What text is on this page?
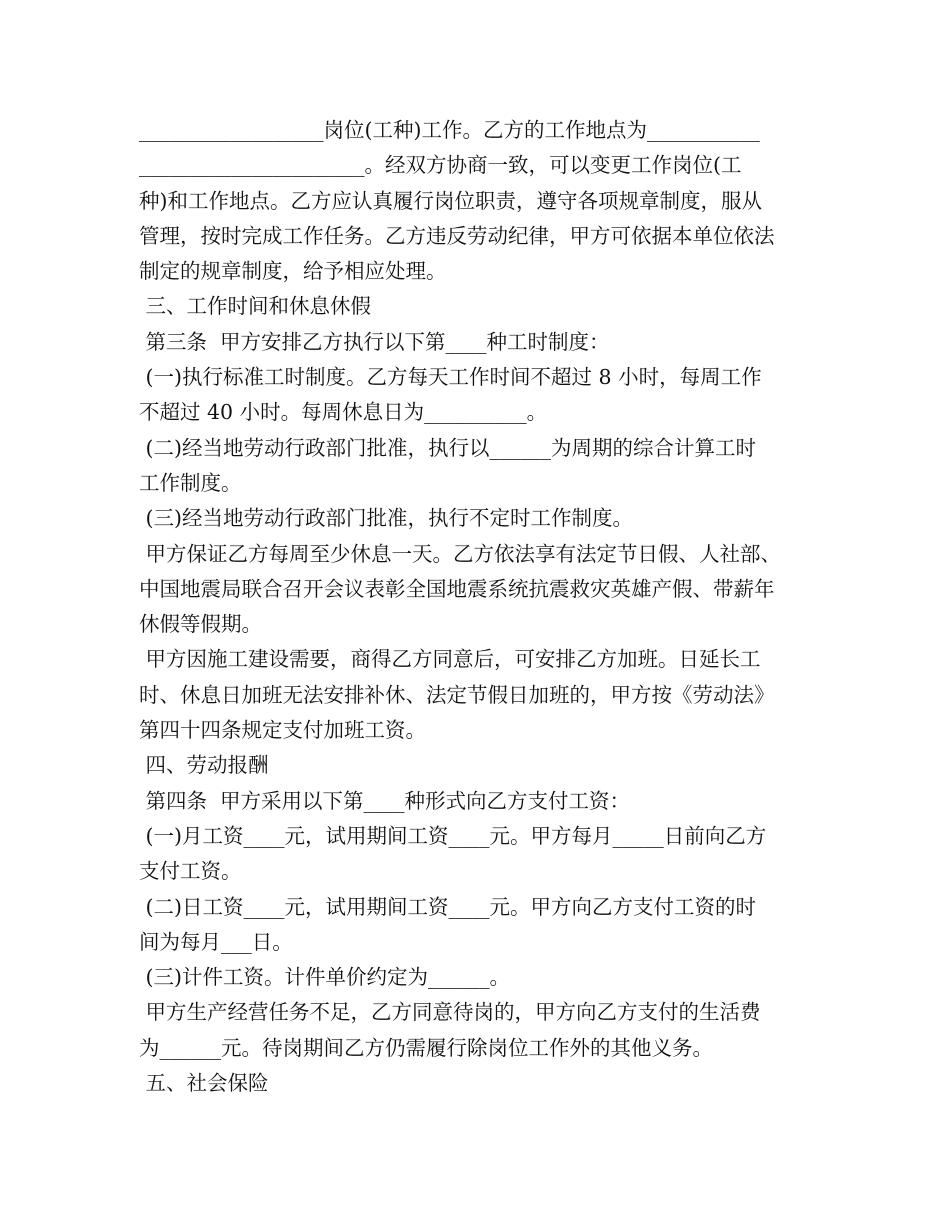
__________________岗位(工种)工作。乙方的工作地点为___________
______________________。经双方协商一致，可以变更工作岗位(工
种)和工作地点。乙方应认真履行岗位职责，遵守各项规章制度，服从
管理，按时完成工作任务。乙方违反劳动纪律，甲方可依据本单位依法
制定的规章制度，给予相应处理。
三、工作时间和休息休假
第三条  甲方安排乙方执行以下第____种工时制度：
(一)执行标准工时制度。乙方每天工作时间不超过 8 小时，每周工作
不超过 40 小时。每周休息日为__________。
(二)经当地劳动行政部门批准，执行以______为周期的综合计算工时
工作制度。
(三)经当地劳动行政部门批准，执行不定时工作制度。
甲方保证乙方每周至少休息一天。乙方依法享有法定节日假、人社部、
中国地震局联合召开会议表彰全国地震系统抗震救灾英雄产假、带薪年
休假等假期。
甲方因施工建设需要，商得乙方同意后，可安排乙方加班。日延长工
时、休息日加班无法安排补休、法定节假日加班的，甲方按《劳动法》
第四十四条规定支付加班工资。
四、劳动报酬
第四条  甲方采用以下第____种形式向乙方支付工资：
(一)月工资____元，试用期间工资____元。甲方每月_____日前向乙方
支付工资。
(二)日工资____元，试用期间工资____元。甲方向乙方支付工资的时
间为每月___日。
(三)计件工资。计件单价约定为______。
甲方生产经营任务不足，乙方同意待岗的，甲方向乙方支付的生活费
为______元。待岗期间乙方仍需履行除岗位工作外的其他义务。
五、社会保险
